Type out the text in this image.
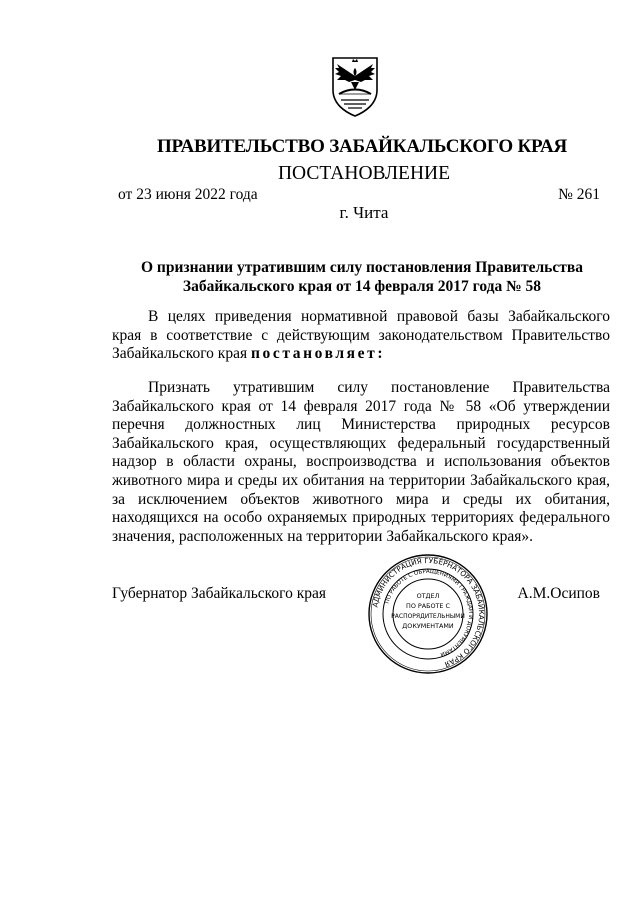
ПРАВИТЕЛЬСТВО ЗАБАЙКАЛЬСКОГО КРАЯ
ПОСТАНОВЛЕНИЕ
от 23 июня 2022 года	№ 261
г. Чита
О признании утратившим силу постановления Правительства
Забайкальского края от 14 февраля 2017 года № 58

В целях приведения нормативной правовой базы Забайкальского края в соответствие с действующим законодательством Правительство Забайкальского края постановляет:

Признать утратившим силу постановление Правительства Забайкальского края от 14 февраля 2017 года № 58 «Об утверждении перечня должностных лиц Министерства природных ресурсов Забайкальского края, осуществляющих федеральный государственный надзор в области охраны, воспроизводства и использования объектов животного мира и среды их обитания на территории Забайкальского края, за исключением объектов животного мира и среды их обитания, находящихся на особо охраняемых природных территориях федерального значения, расположенных на территории Забайкальского края».

Губернатор Забайкальского края	А.М.Осипов
АДМИНИСТРАЦИЯ ГУБЕРНАТОРА ЗАБАЙКАЛЬСКОГО КРАЯ
ПО РАБОТЕ С ОБРАЩЕНИЯМИ ГРАЖДАН И ДОКУМЕНТАМИ
ОТДЕЛ
ПО РАБОТЕ С
РАСПОРЯДИТЕЛЬНЫМИ
ДОКУМЕНТАМИ
